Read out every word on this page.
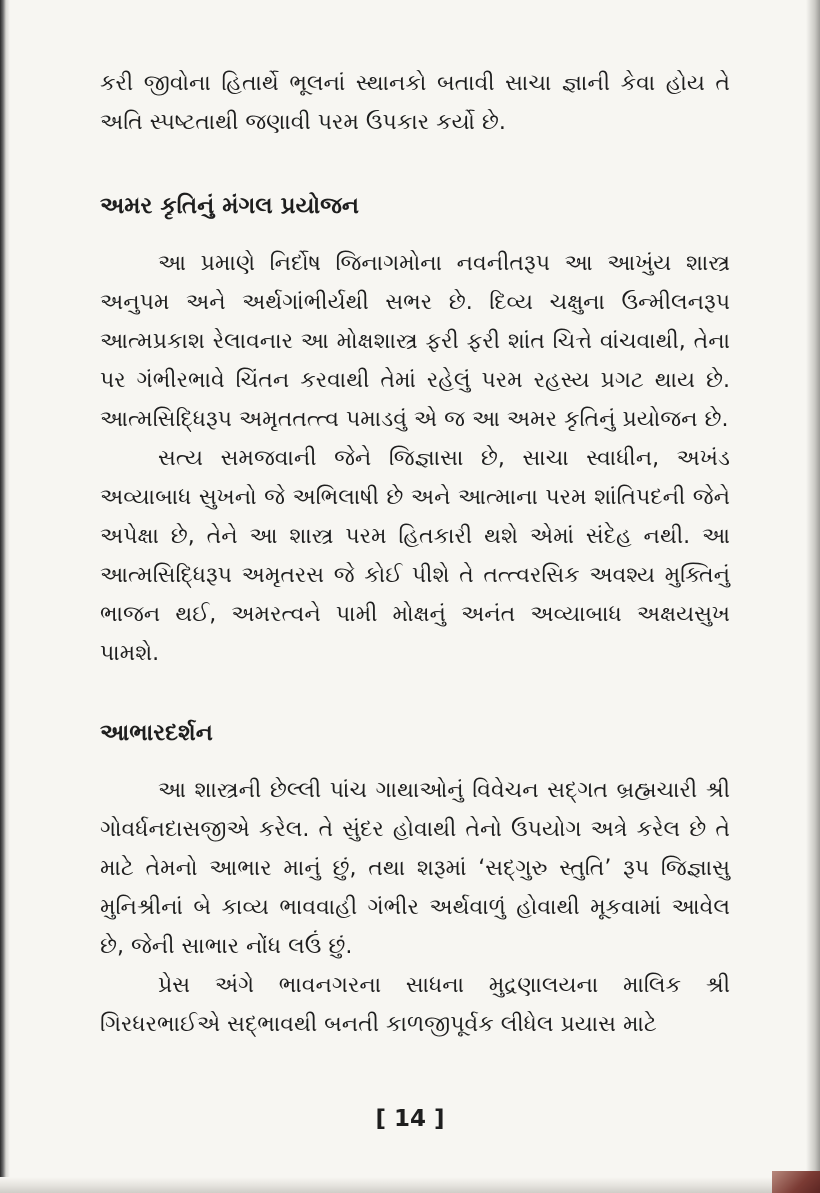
કરી જીવોના હિતાર્થે ભૂલનાં સ્થાનકો બતાવી સાચા જ્ઞાની કેવા હોય તે અતિ સ્પષ્ટતાથી જણાવી પરમ ઉપકાર કર્યો છે.

અમર કૃતિનું મંગલ પ્રયોજન

આ પ્રમાણે નિર્દોષ જિનાગમોના નવનીતરૂપ આ આખુંય શાસ્ત્ર અનુપમ અને અર્થગાંભીર્યથી સભર છે. દિવ્ય ચક્ષુના ઉન્મીલનરૂપ આત્મપ્રકાશ રેલાવનાર આ મોક્ષશાસ્ત્ર ફરી ફરી શાંત ચિત્તે વાંચવાથી, તેના પર ગંભીરભાવે ચિંતન કરવાથી તેમાં રહેલું પરમ રહસ્ય પ્રગટ થાય છે. આત્મસિદ્ધિરૂપ અમૃતતત્ત્વ પમાડવું એ જ આ અમર કૃતિનું પ્રયોજન છે.

સત્ય સમજવાની જેને જિજ્ઞાસા છે, સાચા સ્વાધીન, અખંડ અવ્યાબાધ સુખનો જે અભિલાષી છે અને આત્માના પરમ શાંતિપદની જેને અપેક્ષા છે, તેને આ શાસ્ત્ર પરમ હિતકારી થશે એમાં સંદેહ નથી. આ આત્મસિદ્ધિરૂપ અમૃતરસ જે કોઈ પીશે તે તત્ત્વરસિક અવશ્ય મુક્તિનું ભાજન થઈ, અમરત્વને પામી મોક્ષનું અનંત અવ્યાબાધ અક્ષયસુખ પામશે.

આભારદર્શન

આ શાસ્ત્રની છેલ્લી પાંચ ગાથાઓનું વિવેચન સદ્‌ગત બ્રહ્મચારી શ્રી ગોવર્ધનદાસજીએ કરેલ. તે સુંદર હોવાથી તેનો ઉપયોગ અત્રે કરેલ છે તે માટે તેમનો આભાર માનું છું, તથા શરૂમાં ‘સદ્‌ગુરુ સ્તુતિ’ રૂપ જિજ્ઞાસુ મુનિશ્રીનાં બે કાવ્ય ભાવવાહી ગંભીર અર્થવાળું હોવાથી મૂકવામાં આવેલ છે, જેની સાભાર નોંધ લઉં છું.

પ્રેસ અંગે ભાવનગરના સાધના મુદ્રણાલયના માલિક શ્રી ગિરધરભાઈએ સદ્‌ભાવથી બનતી કાળજીપૂર્વક લીધેલ પ્રયાસ માટે

[ 14 ]
